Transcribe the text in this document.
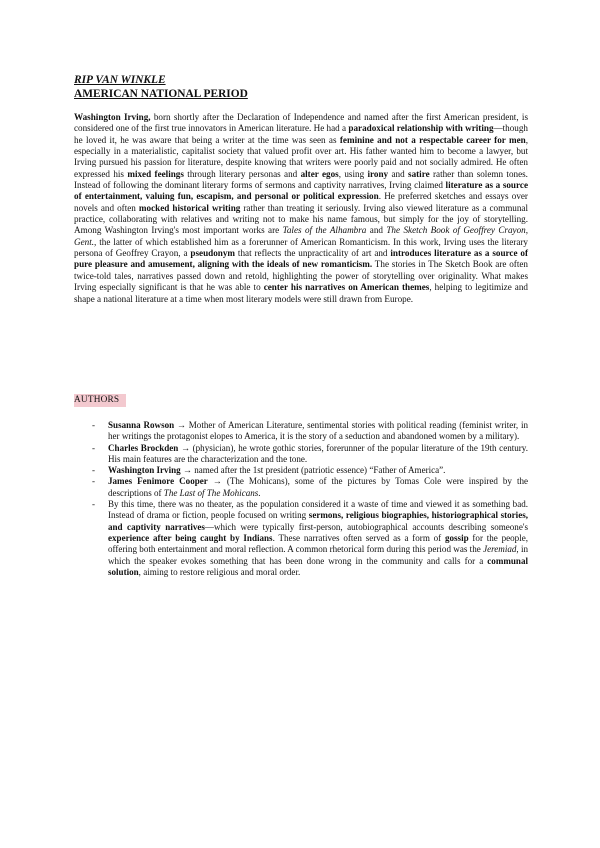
RIP VAN WINKLE
AMERICAN NATIONAL PERIOD

Washington Irving, born shortly after the Declaration of Independence and named after the first American president, is considered one of the first true innovators in American literature. He had a paradoxical relationship with writing—though he loved it, he was aware that being a writer at the time was seen as feminine and not a respectable career for men, especially in a materialistic, capitalist society that valued profit over art. His father wanted him to become a lawyer, but Irving pursued his passion for literature, despite knowing that writers were poorly paid and not socially admired. He often expressed his mixed feelings through literary personas and alter egos, using irony and satire rather than solemn tones. Instead of following the dominant literary forms of sermons and captivity narratives, Irving claimed literature as a source of entertainment, valuing fun, escapism, and personal or political expression. He preferred sketches and essays over novels and often mocked historical writing rather than treating it seriously. Irving also viewed literature as a communal practice, collaborating with relatives and writing not to make his name famous, but simply for the joy of storytelling. Among Washington Irving's most important works are Tales of the Alhambra and The Sketch Book of Geoffrey Crayon, Gent., the latter of which established him as a forerunner of American Romanticism. In this work, Irving uses the literary persona of Geoffrey Crayon, a pseudonym that reflects the unpracticality of art and introduces literature as a source of pure pleasure and amusement, aligning with the ideals of new romanticism. The stories in The Sketch Book are often twice-told tales, narratives passed down and retold, highlighting the power of storytelling over originality. What makes Irving especially significant is that he was able to center his narratives on American themes, helping to legitimize and shape a national literature at a time when most literary models were still drawn from Europe.

AUTHORS
- Susanna Rowson → Mother of American Literature, sentimental stories with political reading (feminist writer, in her writings the protagonist elopes to America, it is the story of a seduction and abandoned women by a military).
- Charles Brockden → (physician), he wrote gothic stories, forerunner of the popular literature of the 19th century. His main features are the characterization and the tone.
- Washington Irving → named after the 1st president (patriotic essence) “Father of America”.
- James Fenimore Cooper → (The Mohicans), some of the pictures by Tomas Cole were inspired by the descriptions of The Last of The Mohicans.
- By this time, there was no theater, as the population considered it a waste of time and viewed it as something bad. Instead of drama or fiction, people focused on writing sermons, religious biographies, historiographical stories, and captivity narratives—which were typically first-person, autobiographical accounts describing someone's experience after being caught by Indians. These narratives often served as a form of gossip for the people, offering both entertainment and moral reflection. A common rhetorical form during this period was the Jeremiad, in which the speaker evokes something that has been done wrong in the community and calls for a communal solution, aiming to restore religious and moral order.
